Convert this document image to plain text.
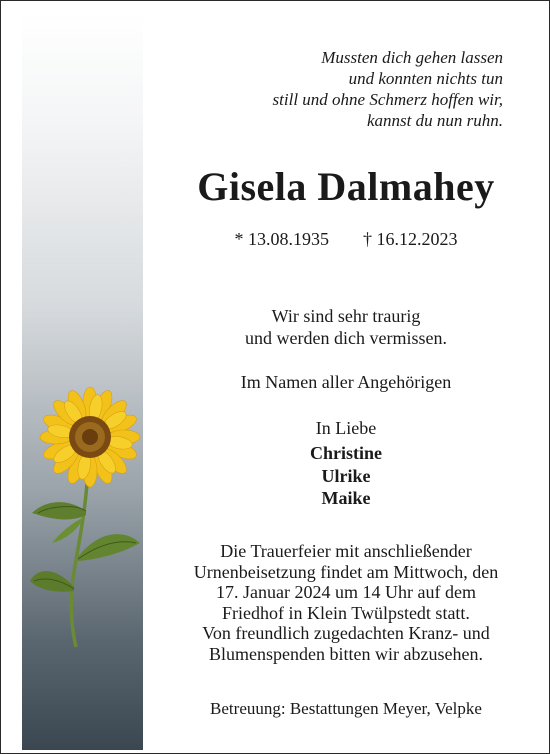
Mussten dich gehen lassen
und konnten nichts tun
still und ohne Schmerz hoffen wir,
kannst du nun ruhn.
Gisela Dalmahey
* 13.08.1935 † 16.12.2023
Wir sind sehr traurig
und werden dich vermissen.
Im Namen aller Angehörigen
In Liebe
Christine
Ulrike
Maike
Die Trauerfeier mit anschließender
Urnenbeisetzung findet am Mittwoch, den
17. Januar 2024 um 14 Uhr auf dem
Friedhof in Klein Twülpstedt statt.
Von freundlich zugedachten Kranz- und
Blumenspenden bitten wir abzusehen.
Betreuung: Bestattungen Meyer, Velpke
